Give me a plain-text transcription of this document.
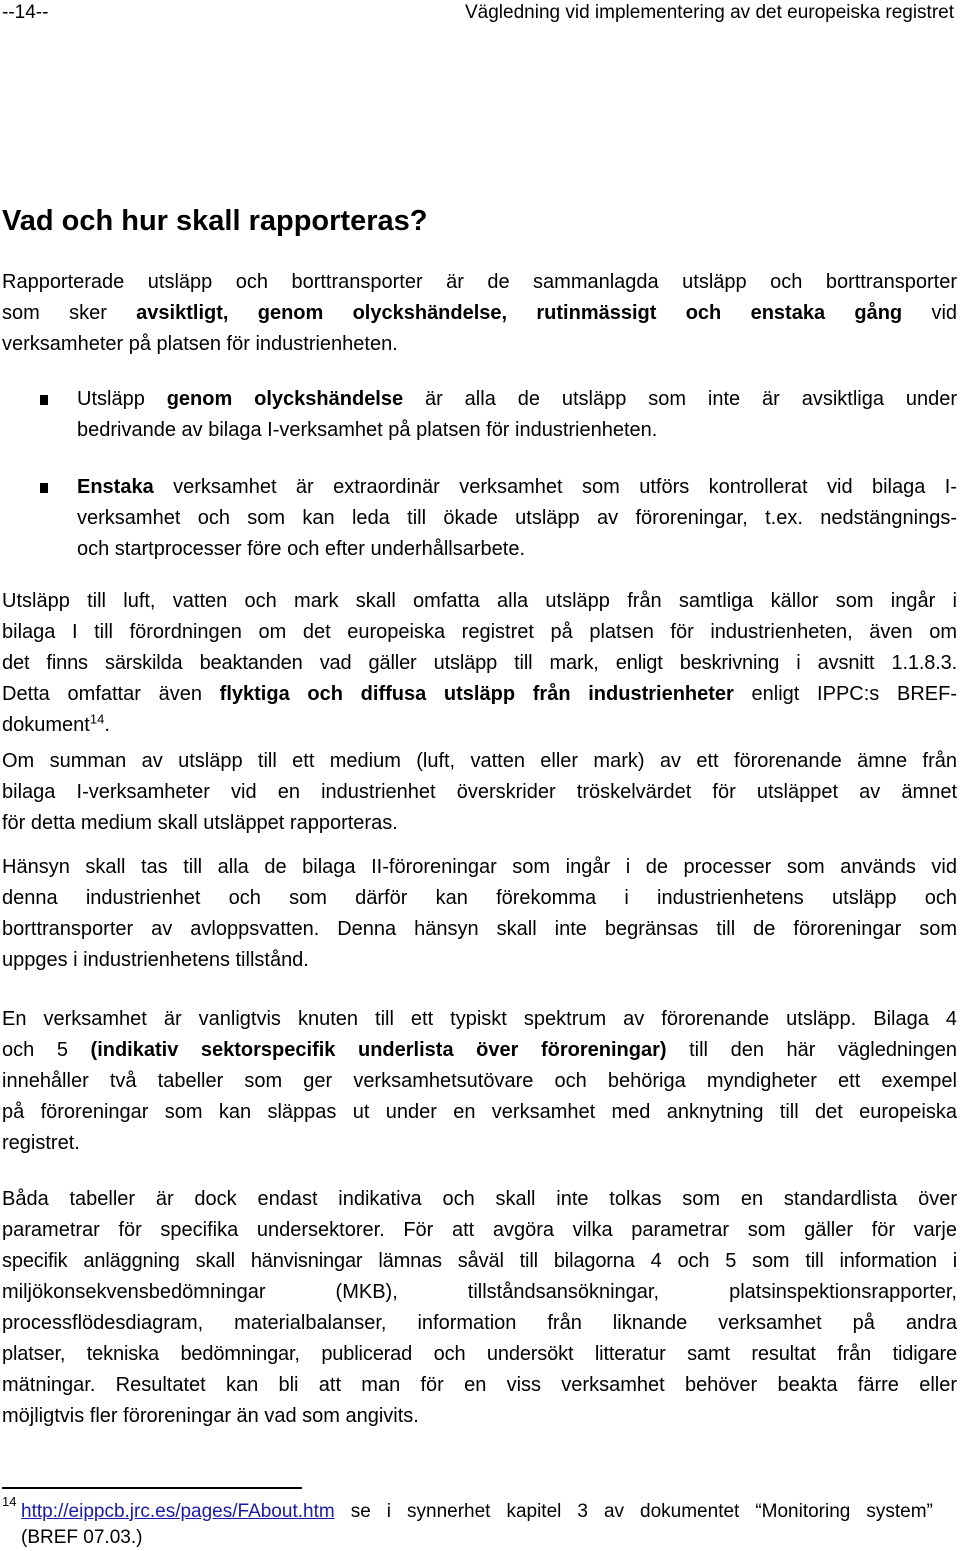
--14--	Vägledning vid implementering av det europeiska registret
Vad och hur skall rapporteras?
Rapporterade utsläpp och borttransporter är de sammanlagda utsläpp och borttransporter
som sker avsiktligt, genom olyckshändelse, rutinmässigt och enstaka gång vid
verksamheter på platsen för industrienheten.
Utsläpp genom olyckshändelse är alla de utsläpp som inte är avsiktliga under
bedrivande av bilaga I-verksamhet på platsen för industrienheten.
Enstaka verksamhet är extraordinär verksamhet som utförs kontrollerat vid bilaga I-
verksamhet och som kan leda till ökade utsläpp av föroreningar, t.ex. nedstängnings-
och startprocesser före och efter underhållsarbete.
Utsläpp till luft, vatten och mark skall omfatta alla utsläpp från samtliga källor som ingår i
bilaga I till förordningen om det europeiska registret på platsen för industrienheten, även om
det finns särskilda beaktanden vad gäller utsläpp till mark, enligt beskrivning i avsnitt 1.1.8.3.
Detta omfattar även flyktiga och diffusa utsläpp från industrienheter enligt IPPC:s BREF-
dokument$^{14}$.
Om summan av utsläpp till ett medium (luft, vatten eller mark) av ett förorenande ämne från
bilaga I-verksamheter vid en industrienhet överskrider tröskelvärdet för utsläppet av ämnet
för detta medium skall utsläppet rapporteras.
Hänsyn skall tas till alla de bilaga II-föroreningar som ingår i de processer som används vid
denna industrienhet och som därför kan förekomma i industrienhetens utsläpp och
borttransporter av avloppsvatten. Denna hänsyn skall inte begränsas till de föroreningar som
uppges i industrienhetens tillstånd.
En verksamhet är vanligtvis knuten till ett typiskt spektrum av förorenande utsläpp. Bilaga 4
och 5 (indikativ sektorspecifik underlista över föroreningar) till den här vägledningen
innehåller två tabeller som ger verksamhetsutövare och behöriga myndigheter ett exempel
på föroreningar som kan släppas ut under en verksamhet med anknytning till det europeiska
registret.
Båda tabeller är dock endast indikativa och skall inte tolkas som en standardlista över
parametrar för specifika undersektorer. För att avgöra vilka parametrar som gäller för varje
specifik anläggning skall hänvisningar lämnas såväl till bilagorna 4 och 5 som till information i
miljökonsekvensbedömningar (MKB), tillståndsansökningar, platsinspektionsrapporter,
processflödesdiagram, materialbalanser, information från liknande verksamhet på andra
platser, tekniska bedömningar, publicerad och undersökt litteratur samt resultat från tidigare
mätningar. Resultatet kan bli att man för en viss verksamhet behöver beakta färre eller
möjligtvis fler föroreningar än vad som angivits.
14 http://eippcb.jrc.es/pages/FAbout.htm se i synnerhet kapitel 3 av dokumentet “Monitoring system”
(BREF 07.03.)
